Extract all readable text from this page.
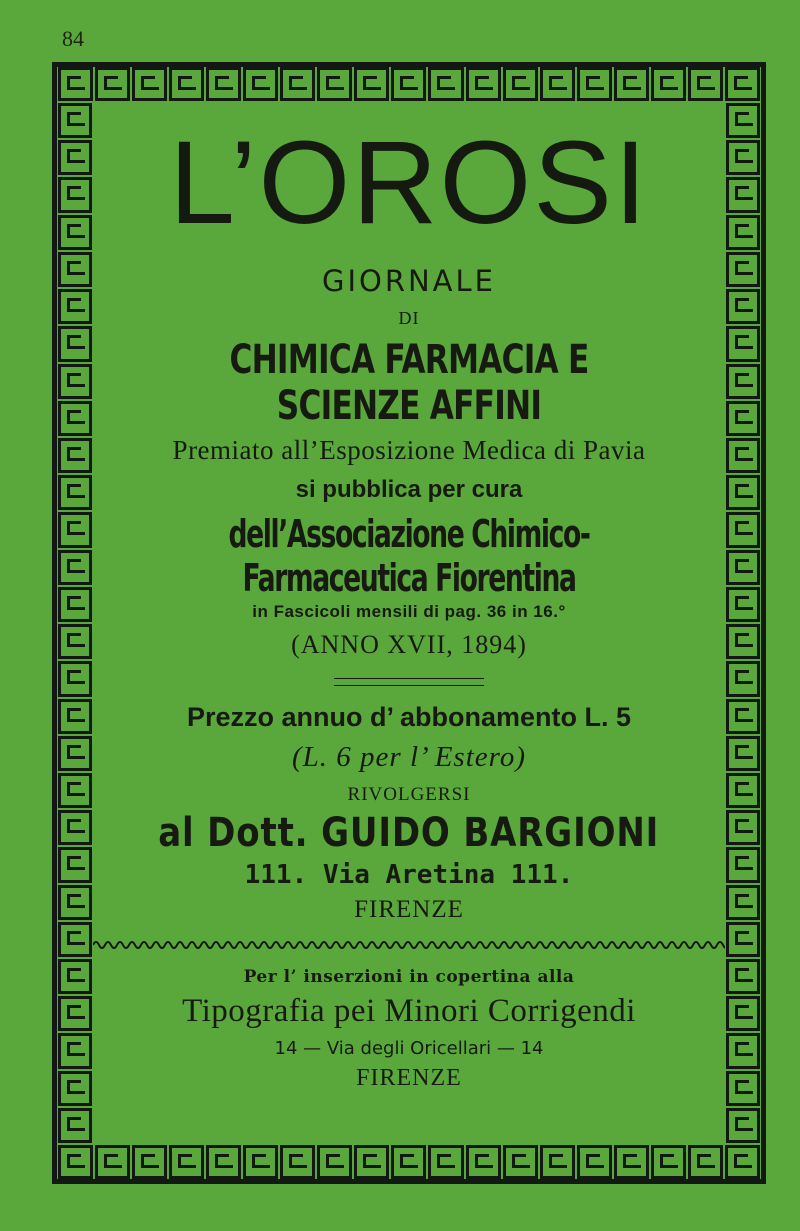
84
L’OROSI
GIORNALE
DI
CHIMICA FARMACIA E SCIENZE AFFINI
Premiato all’Esposizione Medica di Pavia
si pubblica per cura
dell’Associazione Chimico-Farmaceutica Fiorentina
in Fascicoli mensili di pag. 36 in 16.°
(ANNO XVII, 1894)
Prezzo annuo d’ abbonamento L. 5
(L. 6 per l’ Estero)
RIVOLGERSI
al Dott. GUIDO BARGIONI
111. Via Aretina 111.
FIRENZE
Per l’ inserzioni in copertina alla
Tipografia pei Minori Corrigendi
14 — Via degli Oricellari — 14
FIRENZE
